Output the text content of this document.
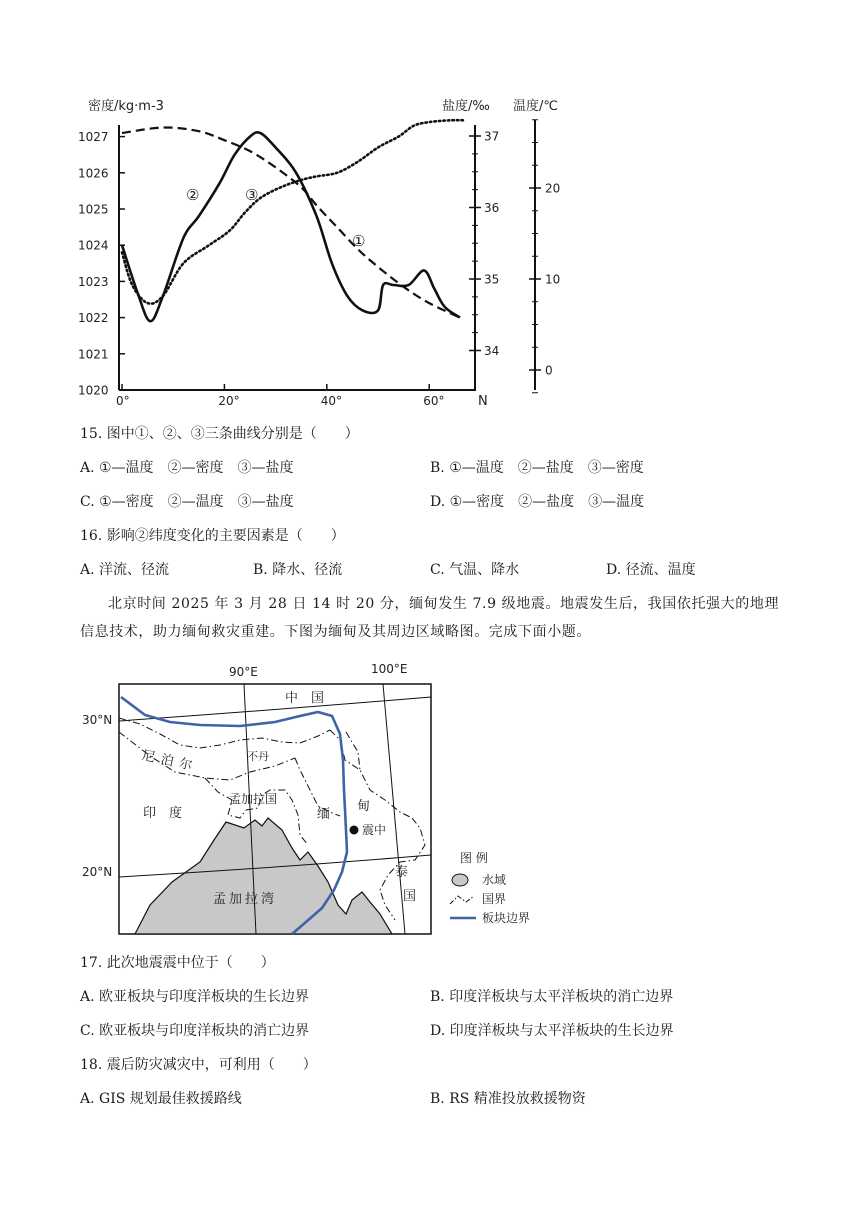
密度/kg·m-3	盐度/‰ 温度/℃
1020
1021
1022
1023
1024
1025
1026
1027
34
35
36
37
0
10
20
0°	20°	40°	60°	N
②	③
①
15. 图中①、②、③三条曲线分别是（　　）
A. ①—温度　②—密度　③—盐度	B. ①—温度　②—盐度　③—密度
C. ①—密度　②—温度　③—盐度	D. ①—密度　②—盐度　③—温度
16. 影响②纬度变化的主要因素是（　　）
A. 洋流、径流	B. 降水、径流	C. 气温、降水	D. 径流、温度
北京时间 2025 年 3 月 28 日 14 时 20 分，缅甸发生 7.9 级地震。地震发生后，我国依托强大的地理信息技术，助力缅甸救灾重建。下图为缅甸及其周边区域略图。完成下面小题。
90°E	100°E
30°N
20°N
中　国
尼泊尔	不丹
印　度
孟加拉国
缅
甸
震中
泰
国
孟加拉湾
图 例
水域
国界
板块边界
17. 此次地震震中位于（　　）
A. 欧亚板块与印度洋板块的生长边界	B. 印度洋板块与太平洋板块的消亡边界
C. 欧亚板块与印度洋板块的消亡边界	D. 印度洋板块与太平洋板块的生长边界
18. 震后防灾减灾中，可利用（　　）
A. GIS 规划最佳救援路线	B. RS 精准投放救援物资
